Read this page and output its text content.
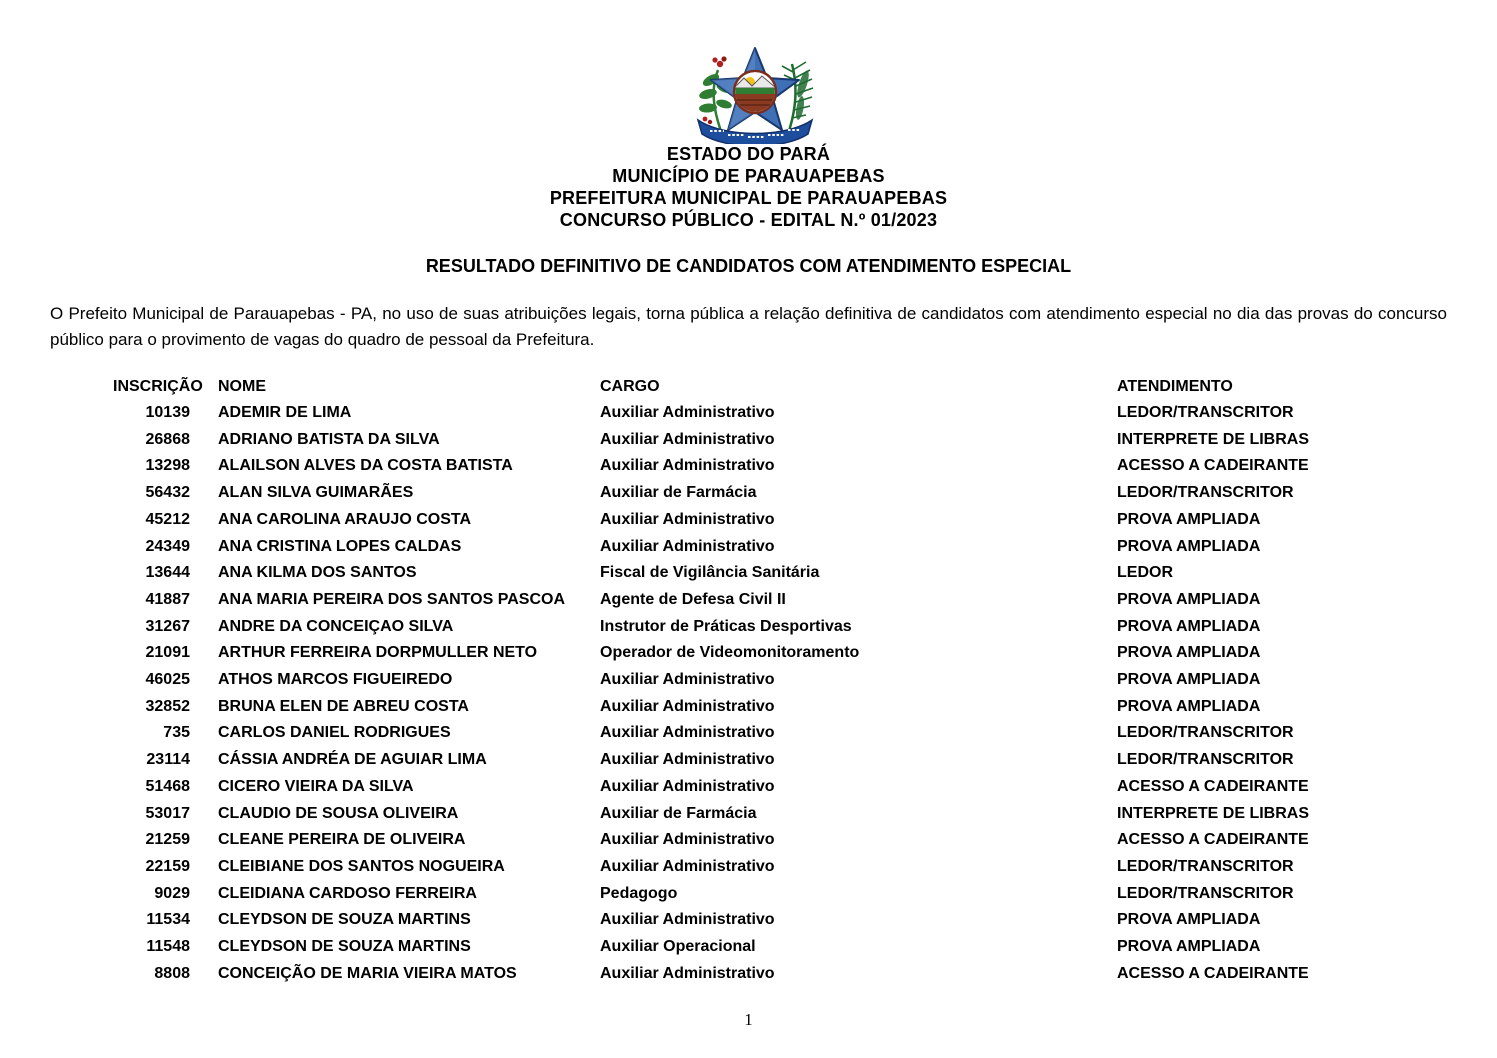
ESTADO DO PARÁ
MUNICÍPIO DE PARAUAPEBAS
PREFEITURA MUNICIPAL DE PARAUAPEBAS
CONCURSO PÚBLICO - EDITAL N.º 01/2023
RESULTADO DEFINITIVO DE CANDIDATOS COM ATENDIMENTO ESPECIAL
O Prefeito Municipal de Parauapebas - PA, no uso de suas atribuições legais, torna pública a relação definitiva de candidatos com atendimento especial no dia das provas do concurso público para o provimento de vagas do quadro de pessoal da Prefeitura.
INSCRIÇÃO NOME	CARGO	ATENDIMENTO
10139	ADEMIR DE LIMA	Auxiliar Administrativo	LEDOR/TRANSCRITOR
26868	ADRIANO BATISTA DA SILVA	Auxiliar Administrativo	INTERPRETE DE LIBRAS
13298	ALAILSON ALVES DA COSTA BATISTA	Auxiliar Administrativo	ACESSO A CADEIRANTE
56432	ALAN SILVA GUIMARÃES	Auxiliar de Farmácia	LEDOR/TRANSCRITOR
45212	ANA CAROLINA ARAUJO COSTA	Auxiliar Administrativo	PROVA AMPLIADA
24349	ANA CRISTINA LOPES CALDAS	Auxiliar Administrativo	PROVA AMPLIADA
13644	ANA KILMA DOS SANTOS	Fiscal de Vigilância Sanitária	LEDOR
41887	ANA MARIA PEREIRA DOS SANTOS PASCOA	Agente de Defesa Civil II	PROVA AMPLIADA
31267	ANDRE DA CONCEIÇAO SILVA	Instrutor de Práticas Desportivas	PROVA AMPLIADA
21091	ARTHUR FERREIRA DORPMULLER NETO	Operador de Videomonitoramento	PROVA AMPLIADA
46025	ATHOS MARCOS FIGUEIREDO	Auxiliar Administrativo	PROVA AMPLIADA
32852	BRUNA ELEN DE ABREU COSTA	Auxiliar Administrativo	PROVA AMPLIADA
735	CARLOS DANIEL RODRIGUES	Auxiliar Administrativo	LEDOR/TRANSCRITOR
23114	CÁSSIA ANDRÉA DE AGUIAR LIMA	Auxiliar Administrativo	LEDOR/TRANSCRITOR
51468	CICERO VIEIRA DA SILVA	Auxiliar Administrativo	ACESSO A CADEIRANTE
53017	CLAUDIO DE SOUSA OLIVEIRA	Auxiliar de Farmácia	INTERPRETE DE LIBRAS
21259	CLEANE PEREIRA DE OLIVEIRA	Auxiliar Administrativo	ACESSO A CADEIRANTE
22159	CLEIBIANE DOS SANTOS NOGUEIRA	Auxiliar Administrativo	LEDOR/TRANSCRITOR
9029	CLEIDIANA CARDOSO FERREIRA	Pedagogo	LEDOR/TRANSCRITOR
11534	CLEYDSON DE SOUZA MARTINS	Auxiliar Administrativo	PROVA AMPLIADA
11548	CLEYDSON DE SOUZA MARTINS	Auxiliar Operacional	PROVA AMPLIADA
8808	CONCEIÇÃO DE MARIA VIEIRA MATOS	Auxiliar Administrativo	ACESSO A CADEIRANTE
1
